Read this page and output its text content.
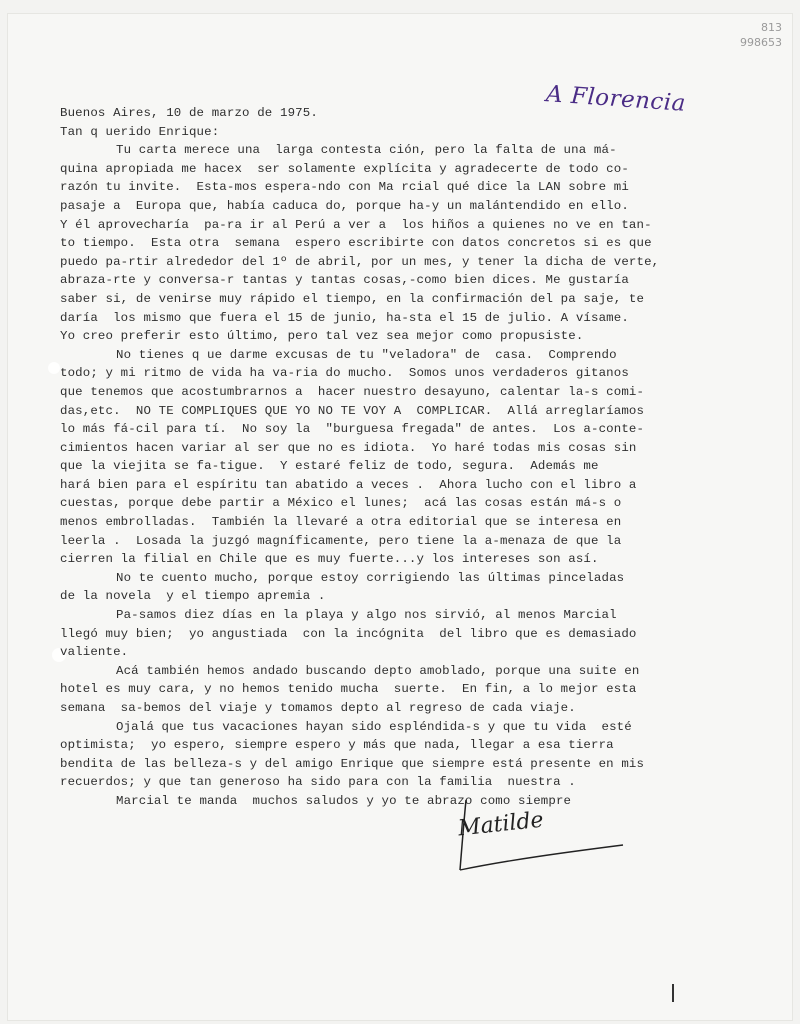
813
998653
A Florencia
Buenos Aires, 10 de marzo de 1975.
Tan q uerido Enrique:
Tu carta merece una  larga contesta ción, pero la falta de una má-
quina apropiada me hacex  ser solamente explícita y agradecerte de todo co-
razón tu invite.  Esta-mos espera-ndo con Ma rcial qué dice la LAN sobre mi
pasaje a  Europa que, había caduca do, porque ha-y un malántendido en ello.
Y él aprovecharía  pa-ra ir al Perú a ver a  los hiños a quienes no ve en tan-
to tiempo.  Esta otra  semana  espero escribirte con datos concretos si es que
puedo pa-rtir alrededor del 1º de abril, por un mes, y tener la dicha de verte,
abraza-rte y conversa-r tantas y tantas cosas,-como bien dices. Me gustaría
saber si, de venirse muy rápido el tiempo, en la confirmación del pa saje, te
daría  los mismo que fuera el 15 de junio, ha-sta el 15 de julio. A vísame.
Yo creo preferir esto último, pero tal vez sea mejor como propusiste.
No tienes q ue darme excusas de tu "veladora" de  casa.  Comprendo
todo; y mi ritmo de vida ha va-ria do mucho.  Somos unos verdaderos gitanos
que tenemos que acostumbrarnos a  hacer nuestro desayuno, calentar la-s comi-
das,etc.  NO TE COMPLIQUES QUE YO NO TE VOY A  COMPLICAR.  Allá arreglaríamos
lo más fá-cil para tí.  No soy la  "burguesa fregada" de antes.  Los a-conte-
cimientos hacen variar al ser que no es idiota.  Yo haré todas mis cosas sin
que la viejita se fa-tigue.  Y estaré feliz de todo, segura.  Además me
hará bien para el espíritu tan abatido a veces .  Ahora lucho con el libro a
cuestas, porque debe partir a México el lunes;  acá las cosas están má-s o
menos embrolladas.  También la llevaré a otra editorial que se interesa en
leerla .  Losada la juzgó magníficamente, pero tiene la a-menaza de que la
cierren la filial en Chile que es muy fuerte...y los intereses son así.
No te cuento mucho, porque estoy corrigiendo las últimas pinceladas
de la novela  y el tiempo apremia .
Pa-samos diez días en la playa y algo nos sirvió, al menos Marcial
llegó muy bien;  yo angustiada  con la incógnita  del libro que es demasiado
valiente.
Acá también hemos andado buscando depto amoblado, porque una suite en
hotel es muy cara, y no hemos tenido mucha  suerte.  En fin, a lo mejor esta
semana  sa-bemos del viaje y tomamos depto al regreso de cada viaje.
Ojalá que tus vacaciones hayan sido espléndida-s y que tu vida  esté
optimista;  yo espero, siempre espero y más que nada, llegar a esa tierra
bendita de las belleza-s y del amigo Enrique que siempre está presente en mis
recuerdos; y que tan generoso ha sido para con la familia  nuestra .
Marcial te manda  muchos saludos y yo te abrazo como siempre
Matilde
